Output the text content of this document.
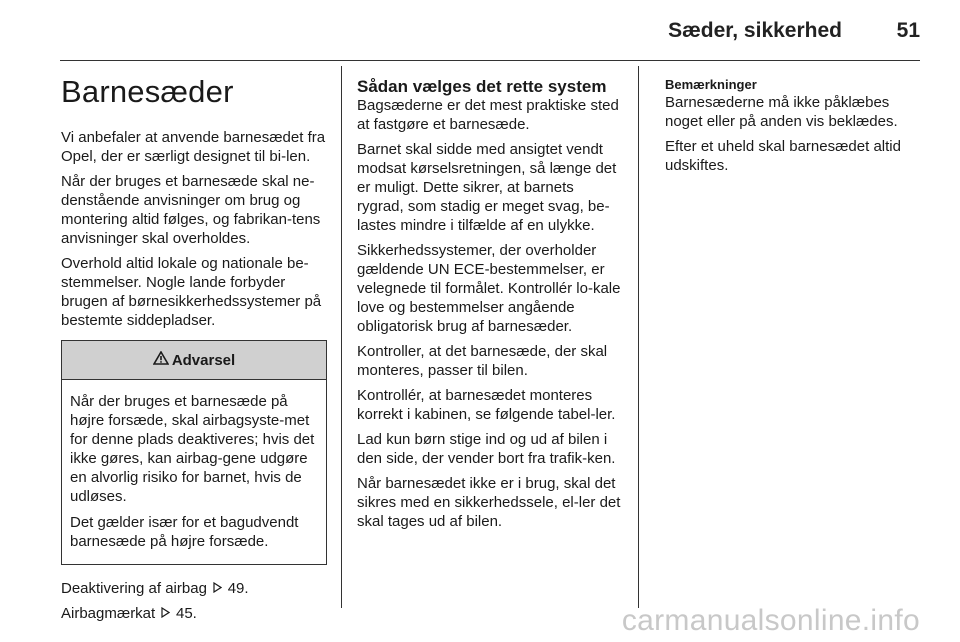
Sæder, sikkerhed	51
Barnesæder

Vi anbefaler at anvende barnesædet fra Opel, der er særligt designet til bi-len.

Når der bruges et barnesæde skal ne-denstående anvisninger om brug og montering altid følges, og fabrikan-tens anvisninger skal overholdes.

Overhold altid lokale og nationale be-stemmelser. Nogle lande forbyder brugen af børnesikkerhedssystemer på bestemte siddepladser.

Advarsel

Når der bruges et barnesæde på højre forsæde, skal airbagsyste-met for denne plads deaktiveres; hvis det ikke gøres, kan airbag-gene udgøre en alvorlig risiko for barnet, hvis de udløses.

Det gælder især for et bagudvendt barnesæde på højre forsæde.

Deaktivering af airbag 49.

Airbagmærkat 45.

Sådan vælges det rette system

Bagsæderne er det mest praktiske sted at fastgøre et barnesæde.

Barnet skal sidde med ansigtet vendt modsat kørselsretningen, så længe det er muligt. Dette sikrer, at barnets rygrad, som stadig er meget svag, be-lastes mindre i tilfælde af en ulykke.

Sikkerhedssystemer, der overholder gældende UN ECE-bestemmelser, er velegnede til formålet. Kontrollér lo-kale love og bestemmelser angående obligatorisk brug af barnesæder.

Kontroller, at det barnesæde, der skal monteres, passer til bilen.

Kontrollér, at barnesædet monteres korrekt i kabinen, se følgende tabel-ler.

Lad kun børn stige ind og ud af bilen i den side, der vender bort fra trafik-ken.

Når barnesædet ikke er i brug, skal det sikres med en sikkerhedssele, el-ler det skal tages ud af bilen.

Bemærkninger

Barnesæderne må ikke påklæbes noget eller på anden vis beklædes.

Efter et uheld skal barnesædet altid udskiftes.

carmanualsonline.info
